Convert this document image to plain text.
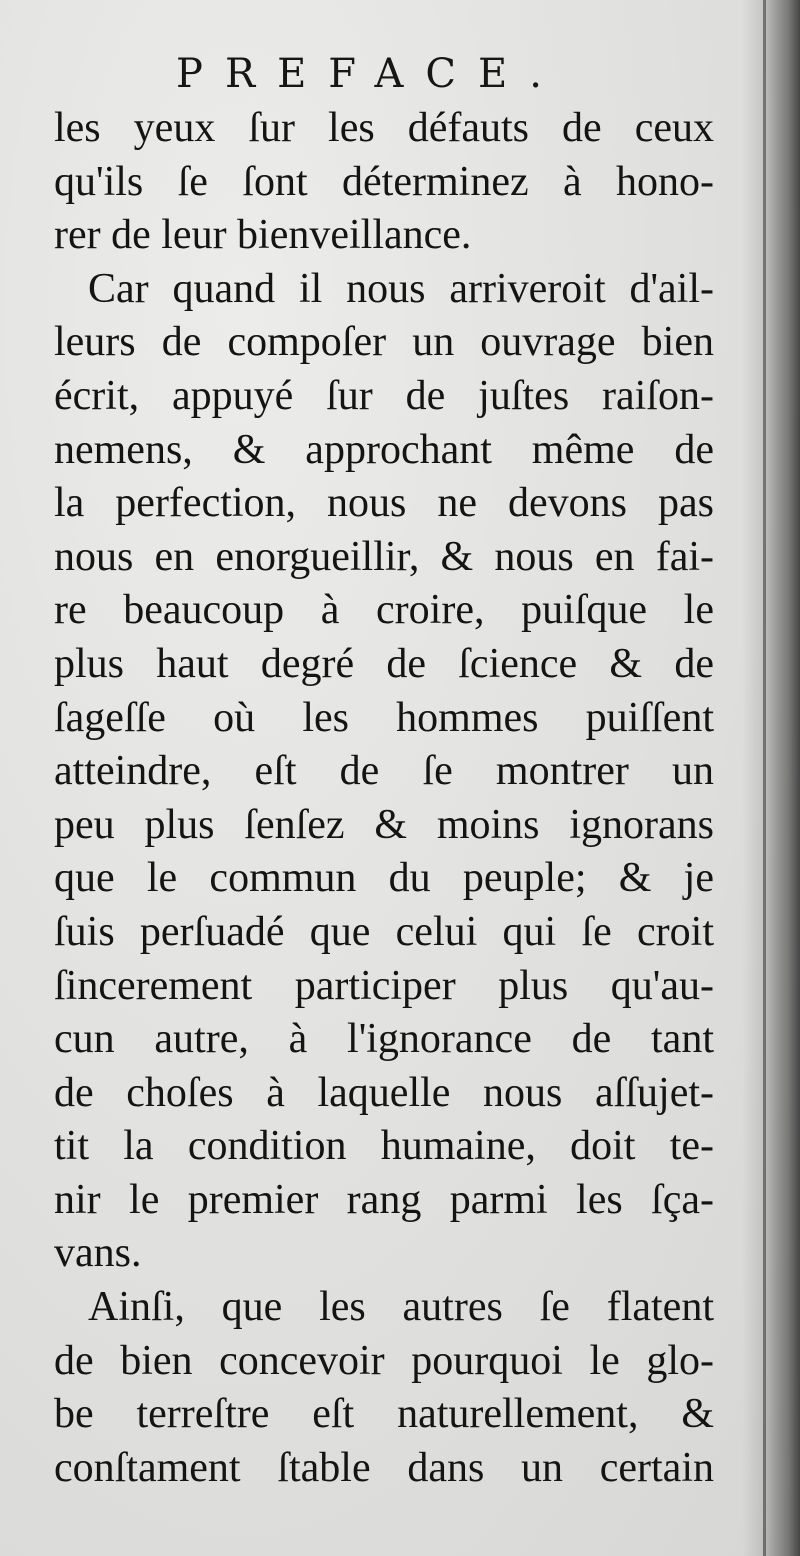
PREFACE.
les yeux ſur les défauts de ceux
qu'ils ſe ſont déterminez à hono-
rer de leur bienveillance.
Car quand il nous arriveroit d'ail-
leurs de compoſer un ouvrage bien
écrit, appuyé ſur de juſtes raiſon-
nemens, & approchant même de
la perfection, nous ne devons pas
nous en enorgueillir, & nous en fai-
re beaucoup à croire, puiſque le
plus haut degré de ſcience & de
ſageſſe où les hommes puiſſent
atteindre, eſt de ſe montrer un
peu plus ſenſez & moins ignorans
que le commun du peuple; & je
ſuis perſuadé que celui qui ſe croit
ſincerement participer plus qu'au-
cun autre, à l'ignorance de tant
de choſes à laquelle nous aſſujet-
tit la condition humaine, doit te-
nir le premier rang parmi les ſça-
vans.
Ainſi, que les autres ſe flatent
de bien concevoir pourquoi le glo-
be terreſtre eſt naturellement, &
conſtament ſtable dans un certain
